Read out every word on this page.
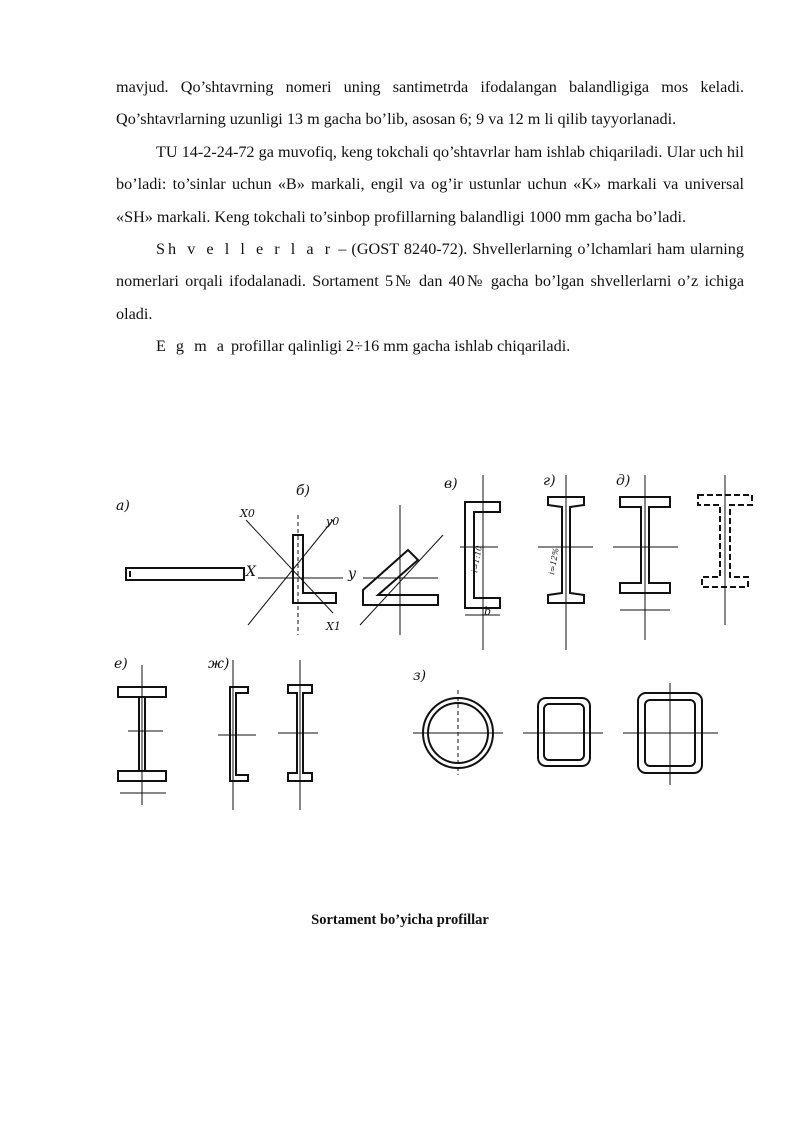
mavjud. Qo’shtavrning nomeri uning santimetrda ifodalangan balandligiga mos keladi. Qo’shtavrlarning uzunligi 13 m gacha bo’lib, asosan 6; 9 va 12 m li qilib tayyorlanadi.

TU 14-2-24-72 ga muvofiq, keng tokchali qo’shtavrlar ham ishlab chiqariladi. Ular uch hil bo’ladi: to’sinlar uchun «B» markali, engil va og’ir ustunlar uchun «K» markali va universal «SH» markali. Keng tokchali to’sinbop profillarning balandligi 1000 mm gacha bo’ladi.

Sh v e l l e r l a r – (GOST 8240-72). Shvellerlarning o’lchamlari ham ularning nomerlari orqali ifodalanadi. Sortament 5№ dan 40№ gacha bo’lgan shvellerlarni o’z ichiga oladi.

E g m a profillar qalinligi 2÷16 mm gacha ishlab chiqariladi.

а)
б)	в)	г)	д)
е)	ж)
з)
X	y
X0
y0
X1
b
i=1:10	i=12%
Sortament bo’yicha profillar
